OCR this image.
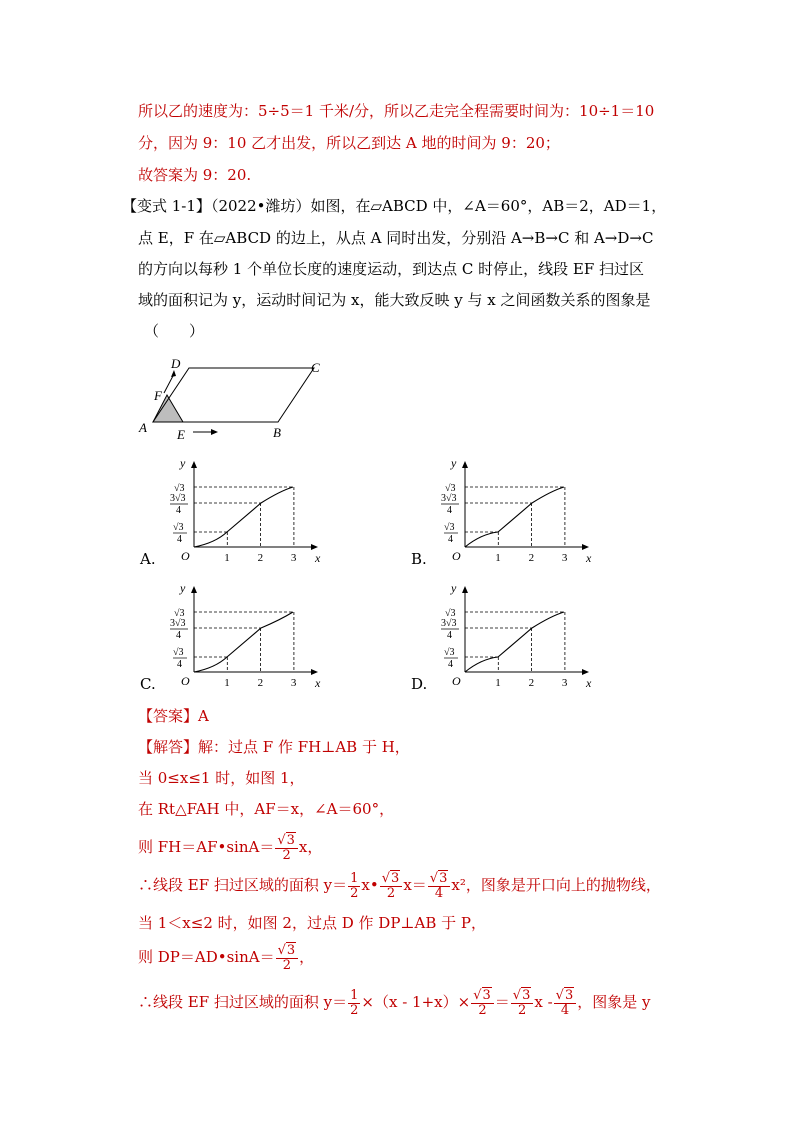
所以乙的速度为：5÷5＝1 千米/分，所以乙走完全程需要时间为：10÷1＝10
分，因为 9：10 乙才出发，所以乙到达 A 地的时间为 9：20；
故答案为 9：20.
【变式 1-1】（2022•潍坊）如图，在▱ABCD 中，∠A＝60°，AB＝2，AD＝1，
点 E，F 在▱ABCD 的边上，从点 A 同时出发，分别沿 A→B→C 和 A→D→C
的方向以每秒 1 个单位长度的速度运动，到达点 C 时停止，线段 EF 扫过区
域的面积记为 y，运动时间记为 x，能大致反映 y 与 x 之间函数关系的图象是
（　　）
D	C
F
A E	B
A.
y
x
O	1	2	3
√3
3√3
4
√3
4
B.
y
x
O	1	2	3
√3
3√3
4
√3
4
C.
y
x
O	1	2	3
√3
3√3
4
√3
4
D.
y
x
O	1	2	3
√3
3√3
4
√3
4
【答案】A
【解答】解：过点 F 作 FH⊥AB 于 H，
当 0≤x≤1 时，如图 1，
在 Rt△FAH 中，AF＝x，∠A＝60°，
则 FH＝AF•sinA＝ $\frac{√3}{2}$ x，
∴线段 EF 扫过区域的面积 $y= \frac{1}{2}$ x• $\frac{√3}{2} x= \frac{√3}{4} x^2$，图象是开口向上的抛物线，
当 1＜x≤2 时，如图 2，过点 D 作 DP⊥AB 于 P，
则 DP＝AD•sinA＝ $\frac{√3}{2}$ ，
∴线段 EF 扫过区域的面积 $y= \frac{1}{2} \times(x - 1+x)\times \frac{√3}{2} = \frac{√3}{2}$ x - $\frac{√3}{4}$ ，图象是 y
